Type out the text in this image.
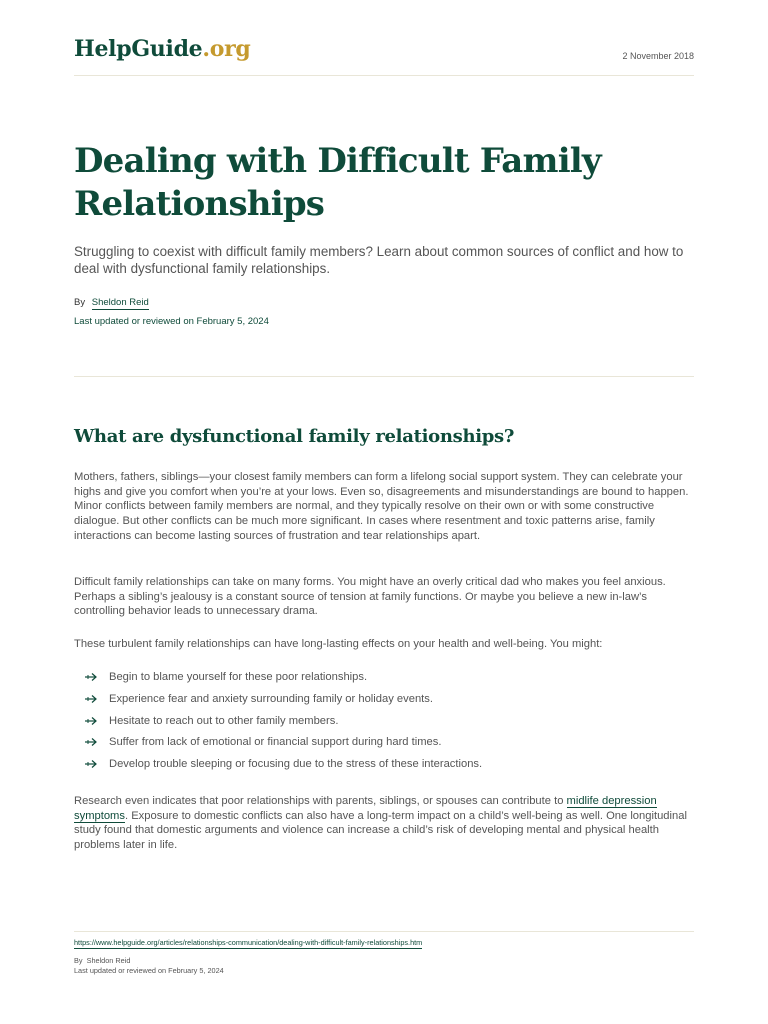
HelpGuide.org	2 November 2018
Dealing with Difficult Family Relationships

Struggling to coexist with difficult family members? Learn about common sources of conflict and how to deal with dysfunctional family relationships.

By Sheldon Reid
Last updated or reviewed on February 5, 2024
What are dysfunctional family relationships?

Mothers, fathers, siblings—your closest family members can form a lifelong social support system. They can celebrate your highs and give you comfort when you’re at your lows. Even so, disagreements and misunderstandings are bound to happen. Minor conflicts between family members are normal, and they typically resolve on their own or with some constructive dialogue. But other conflicts can be much more significant. In cases where resentment and toxic patterns arise, family interactions can become lasting sources of frustration and tear relationships apart.

Difficult family relationships can take on many forms. You might have an overly critical dad who makes you feel anxious. Perhaps a sibling’s jealousy is a constant source of tension at family functions. Or maybe you believe a new in-law’s controlling behavior leads to unnecessary drama.

These turbulent family relationships can have long-lasting effects on your health and well-being. You might:

Begin to blame yourself for these poor relationships.
Experience fear and anxiety surrounding family or holiday events.
Hesitate to reach out to other family members.
Suffer from lack of emotional or financial support during hard times.
Develop trouble sleeping or focusing due to the stress of these interactions.

Research even indicates that poor relationships with parents, siblings, or spouses can contribute to midlife depression symptoms. Exposure to domestic conflicts can also have a long-term impact on a child’s well-being as well. One longitudinal study found that domestic arguments and violence can increase a child’s risk of developing mental and physical health problems later in life.

https://www.helpguide.org/articles/relationships-communication/dealing-with-difficult-family-relationships.htm
By Sheldon Reid
Last updated or reviewed on February 5, 2024
